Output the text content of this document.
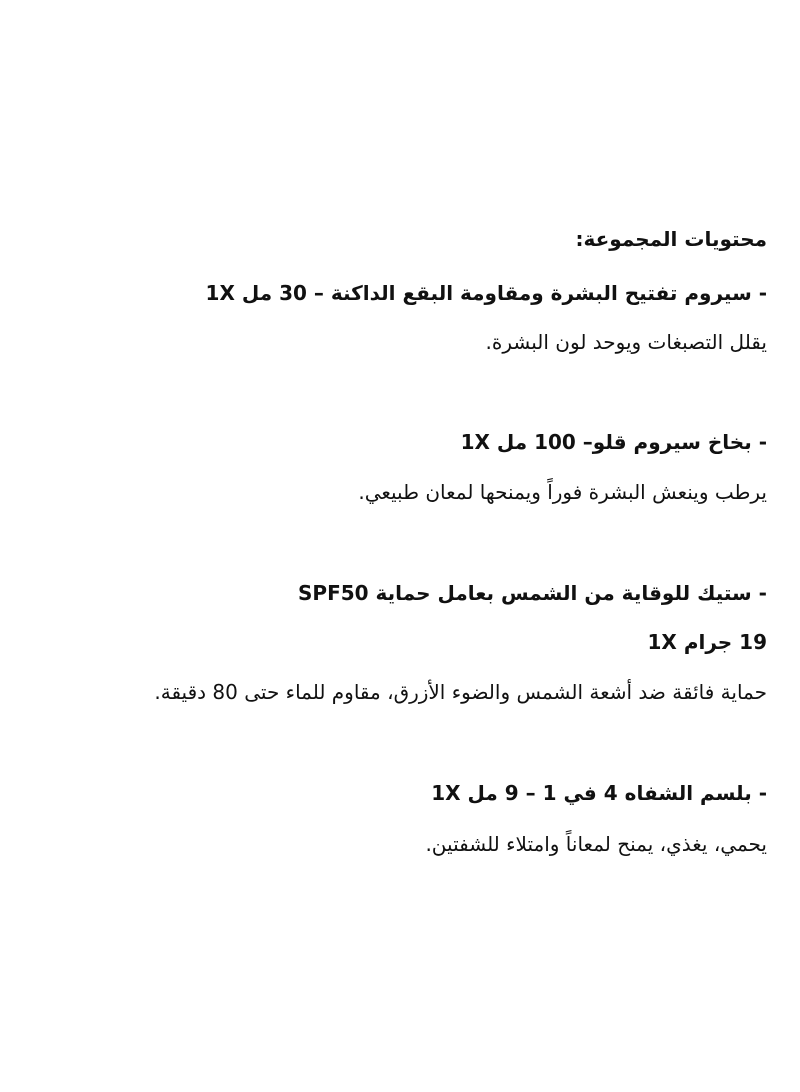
محتويات المجموعة:
- سيروم تفتيح البشرة ومقاومة البقع الداكنة – 30 مل 1X
يقلل التصبغات ويوحد لون البشرة.
- بخاخ سيروم قلو– 100 مل 1X
يرطب وينعش البشرة فوراً ويمنحها لمعان طبيعي.
- ستيك للوقاية من الشمس بعامل حماية SPF50
19 جرام 1X
حماية فائقة ضد أشعة الشمس والضوء الأزرق، مقاوم للماء حتى 80 دقيقة.
- بلسم الشفاه 4 في 1 – 9 مل 1X
يحمي، يغذي، يمنح لمعاناً وامتلاء للشفتين.
